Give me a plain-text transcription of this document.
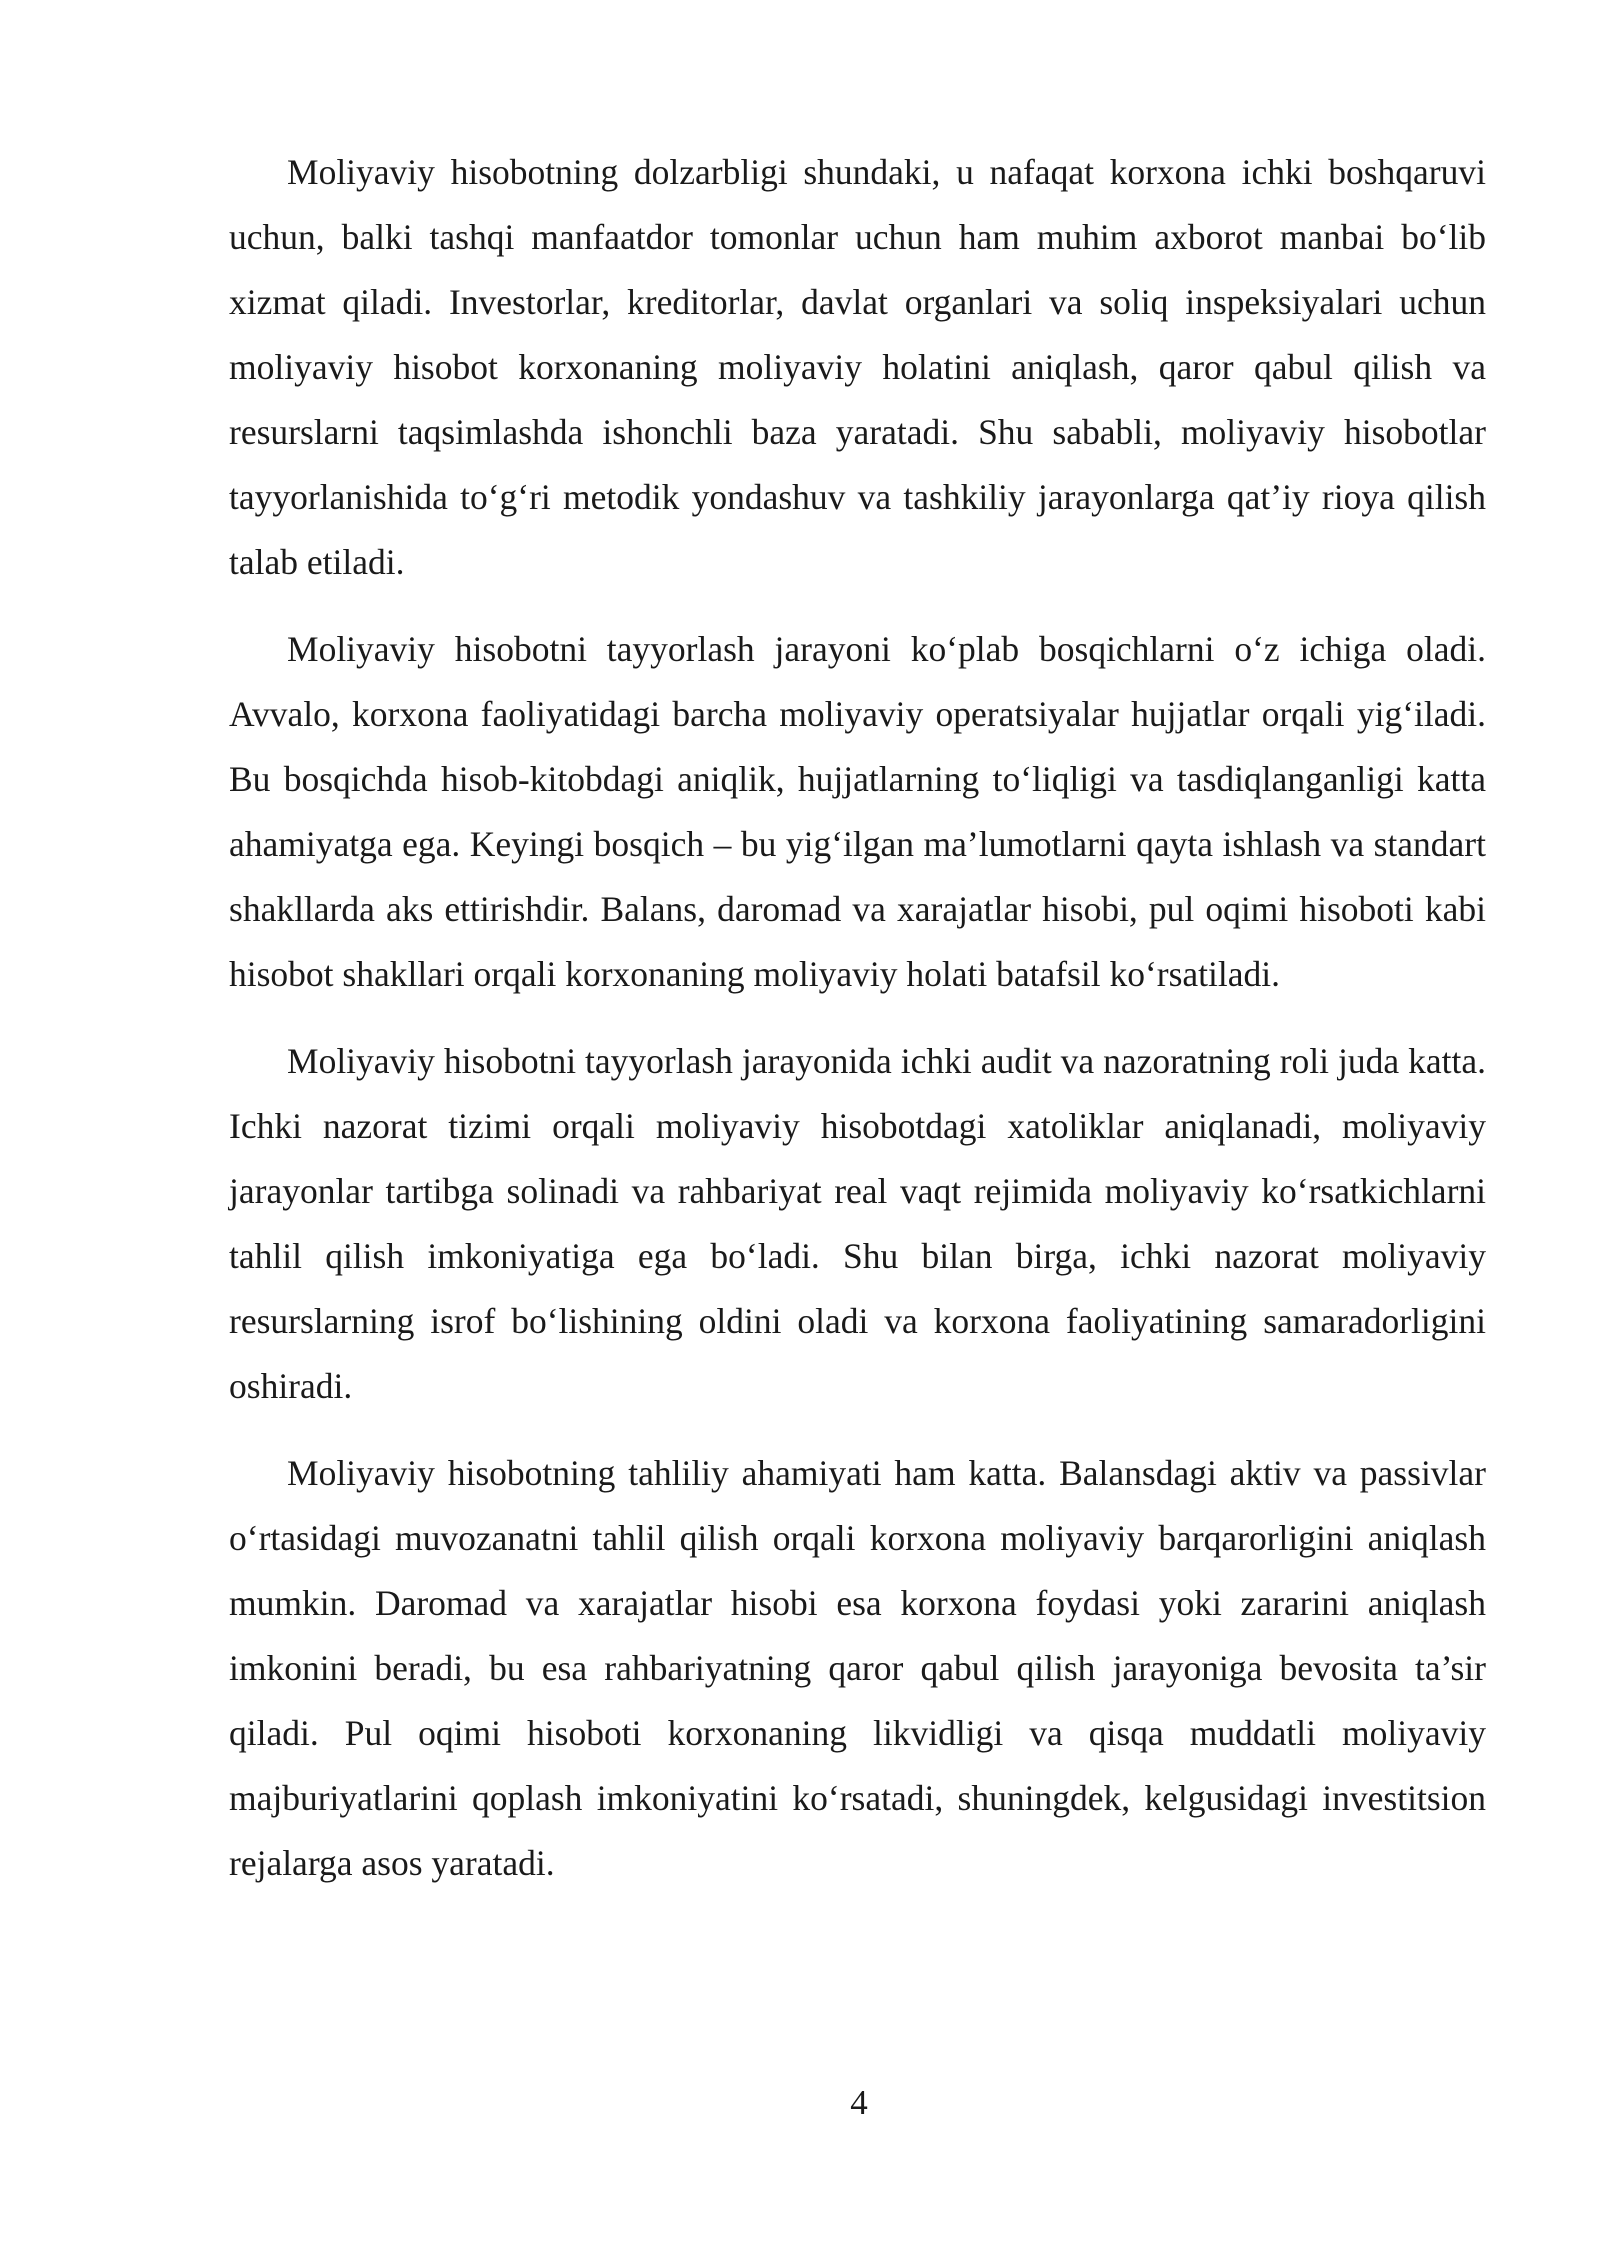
Moliyaviy hisobotning dolzarbligi shundaki, u nafaqat korxona ichki boshqaruvi uchun, balki tashqi manfaatdor tomonlar uchun ham muhim axborot manbai bo‘lib xizmat qiladi. Investorlar, kreditorlar, davlat organlari va soliq inspeksiyalari uchun moliyaviy hisobot korxonaning moliyaviy holatini aniqlash, qaror qabul qilish va resurslarni taqsimlashda ishonchli baza yaratadi. Shu sababli, moliyaviy hisobotlar tayyorlanishida to‘g‘ri metodik yondashuv va tashkiliy jarayonlarga qat’iy rioya qilish talab etiladi.

Moliyaviy hisobotni tayyorlash jarayoni ko‘plab bosqichlarni o‘z ichiga oladi. Avvalo, korxona faoliyatidagi barcha moliyaviy operatsiyalar hujjatlar orqali yig‘iladi. Bu bosqichda hisob-kitobdagi aniqlik, hujjatlarning to‘liqligi va tasdiqlanganligi katta ahamiyatga ega. Keyingi bosqich – bu yig‘ilgan ma’lumotlarni qayta ishlash va standart shakllarda aks ettirishdir. Balans, daromad va xarajatlar hisobi, pul oqimi hisoboti kabi hisobot shakllari orqali korxonaning moliyaviy holati batafsil ko‘rsatiladi.

Moliyaviy hisobotni tayyorlash jarayonida ichki audit va nazoratning roli juda katta. Ichki nazorat tizimi orqali moliyaviy hisobotdagi xatoliklar aniqlanadi, moliyaviy jarayonlar tartibga solinadi va rahbariyat real vaqt rejimida moliyaviy ko‘rsatkichlarni tahlil qilish imkoniyatiga ega bo‘ladi. Shu bilan birga, ichki nazorat moliyaviy resurslarning isrof bo‘lishining oldini oladi va korxona faoliyatining samaradorligini oshiradi.

Moliyaviy hisobotning tahliliy ahamiyati ham katta. Balansdagi aktiv va passivlar o‘rtasidagi muvozanatni tahlil qilish orqali korxona moliyaviy barqarorligini aniqlash mumkin. Daromad va xarajatlar hisobi esa korxona foydasi yoki zararini aniqlash imkonini beradi, bu esa rahbariyatning qaror qabul qilish jarayoniga bevosita ta’sir qiladi. Pul oqimi hisoboti korxonaning likvidligi va qisqa muddatli moliyaviy majburiyatlarini qoplash imkoniyatini ko‘rsatadi, shuningdek, kelgusidagi investitsion rejalarga asos yaratadi.

4
